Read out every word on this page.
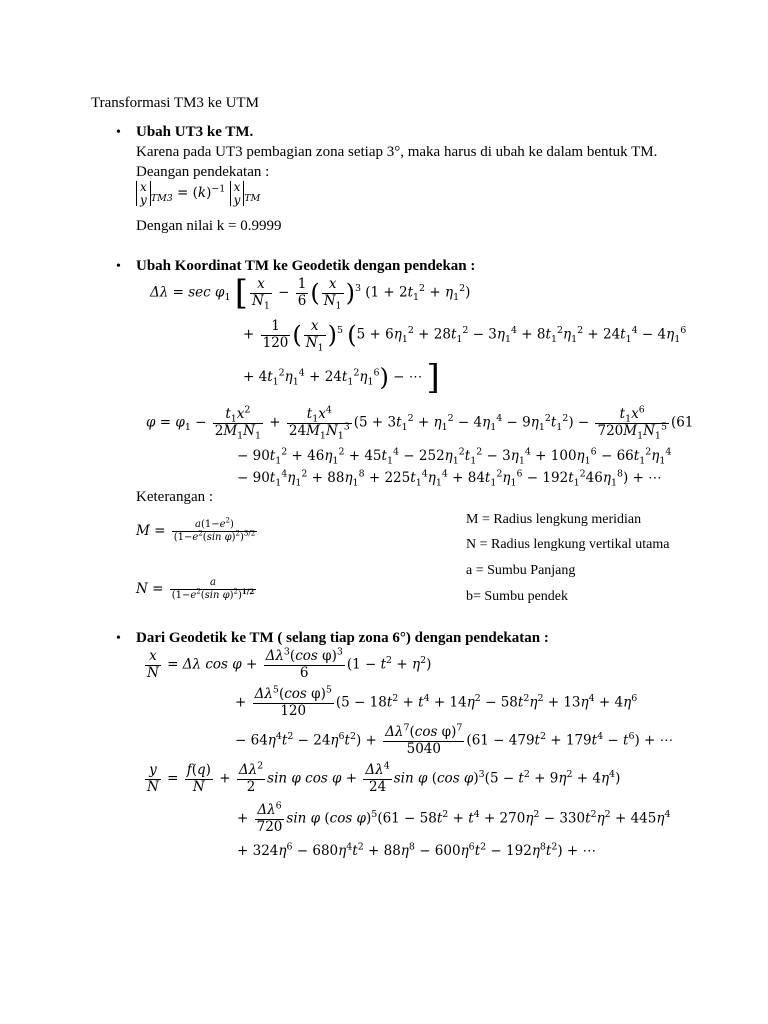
Transformasi TM3 ke UTM
• Ubah UT3 ke TM.
Karena pada UT3 pembagian zona setiap 3°, maka harus di ubah ke dalam bentuk TM.
Deangan pendekatan :
x
y $_{TM3} = (k)^{-1}$ x
y $_{TM}$
Dengan nilai k = 0.9999
• Ubah Koordinat TM ke Geodetik dengan pendekan :
$\Delta\lambda = \sec \varphi_1$ [ $\frac{x}{N_1} - \frac{1}{6}$ ( $\frac{x}{N_1} )^3$ $(1 + 2t_1^2 + \eta_1^2)$
+ $\frac{1}{120}$ ( $\frac{x}{N_1} )^5$ ($5 + 6\eta_1^2 + 28t_1^2 - 3\eta_1^4 + 8t_1^2\eta_1^2 + 24t_1^4 - 4\eta_1^6$
+ $4t_1^2\eta_1^4 + 24t_1^2\eta_1^6$) − ⋯ ]
$\varphi = \varphi_1 - \frac{t_1x^2}{2M_1N_1} + \frac{t_1x^4}{24M_1N_1^3} (5 + 3t_1^2 + \eta_1^2 - 4\eta_1^4 - 9\eta_1^2t_1^2) - \frac{t_1x^6}{720M_1N_1^5} (61$
− $90t_1^2 + 46\eta_1^2 + 45t_1^4 - 252\eta_1^2t_1^2 - 3\eta_1^4 + 100\eta_1^6 - 66t_1^2\eta_1^4$
− $90t_1^4\eta_1^2 + 88\eta_1^8 + 225t_1^4\eta_1^4 + 84t_1^2\eta_1^6 - 192t_1^246\eta_1^8$) + ⋯
Keterangan :
$M = \frac{a(1-e^2)}{(1-e^2(\sin \varphi)^2)^{3/2}}$
$N = \frac{a}{(1-e^2(\sin \varphi)^2)^{1/2}}$
M = Radius lengkung meridian
N = Radius lengkung vertikal utama
a = Sumbu Panjang
b= Sumbu pendek
• Dari Geodetik ke TM ( selang tiap zona 6°) dengan pendekatan :
$\frac{x}{N} = \Delta\lambda$ $\cos \varphi + \frac{\Delta\lambda^3(\cos \varphi)^3}{6} (1 - t^2 + \eta^2)$
+ $\frac{\Delta\lambda^5(\cos \varphi)^5}{120} (5 - 18t^2 + t^4 + 14\eta^2 - 58t^2\eta^2 + 13\eta^4 + 4\eta^6$
− $64\eta^4t^2 - 24\eta^6t^2) + \frac{\Delta\lambda^7(\cos \varphi)^7}{5040} (61 - 479t^2 + 179t^4 - t^6)$ + ⋯
$\frac{y}{N} = \frac{f(q)}{N} + \frac{\Delta\lambda^2}{2}$ sin φ $\cos \varphi + \frac{\Delta\lambda^4}{24}$ sin φ (cos $\varphi)^3(5 - t^2 + 9\eta^2 + 4\eta^4)$
+ $\frac{\Delta\lambda^6}{720}$ sin φ (cos $\varphi)^5(61 - 58t^2 + t^4 + 270\eta^2 - 330t^2\eta^2 + 445\eta^4$
+ $324\eta^6 - 680\eta^4t^2 + 88\eta^8 - 600\eta^6t^2 - 192\eta^8t^2$) + ⋯
